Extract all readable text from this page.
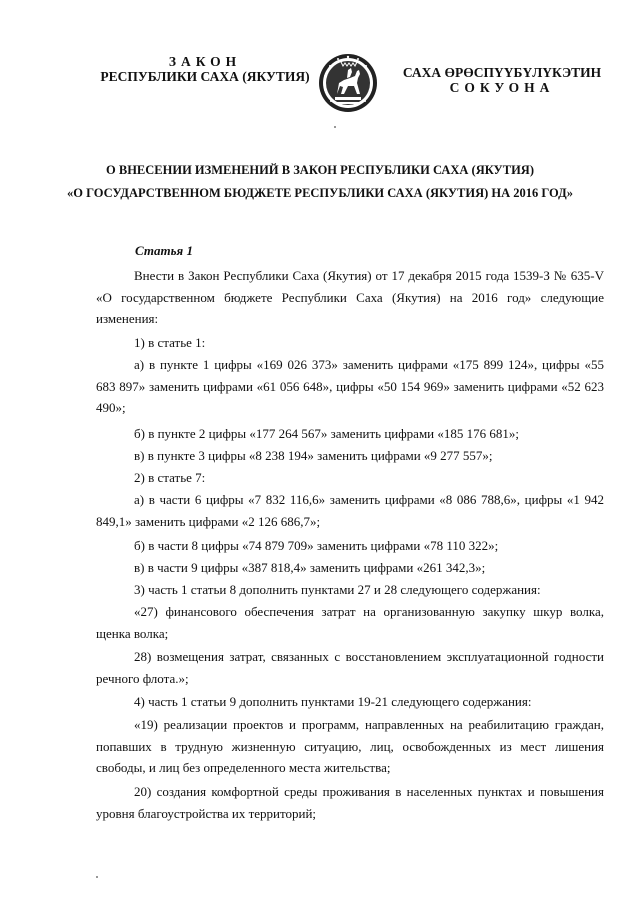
ЗАКОН
РЕСПУБЛИКИ САХА (ЯКУТИЯ)	САХА ӨРӨСПYYБYЛYКЭТИН
СОКУОНА
О ВНЕСЕНИИ ИЗМЕНЕНИЙ В ЗАКОН РЕСПУБЛИКИ САХА (ЯКУТИЯ)
«О ГОСУДАРСТВЕННОМ БЮДЖЕТЕ РЕСПУБЛИКИ САХА (ЯКУТИЯ) НА 2016 ГОД»
Статья 1
Внести в Закон Республики Саха (Якутия) от 17 декабря 2015 года 1539-З № 635-V «О государственном бюджете Республики Саха (Якутия) на 2016 год» следующие изменения:
1) в статье 1:
а) в пункте 1 цифры «169 026 373» заменить цифрами «175 899 124», цифры «55 683 897» заменить цифрами «61 056 648», цифры «50 154 969» заменить цифрами «52 623 490»;
б) в пункте 2 цифры «177 264 567» заменить цифрами «185 176 681»;
в) в пункте 3 цифры «8 238 194» заменить цифрами «9 277 557»;
2) в статье 7:
а) в части 6 цифры «7 832 116,6» заменить цифрами «8 086 788,6», цифры «1 942 849,1» заменить цифрами «2 126 686,7»;
б) в части 8 цифры «74 879 709» заменить цифрами «78 110 322»;
в) в части 9 цифры «387 818,4» заменить цифрами «261 342,3»;
3) часть 1 статьи 8 дополнить пунктами 27 и 28 следующего содержания:
«27) финансового обеспечения затрат на организованную закупку шкур волка, щенка волка;
28) возмещения затрат, связанных с восстановлением эксплуатационной годности речного флота.»;
4) часть 1 статьи 9 дополнить пунктами 19-21 следующего содержания:
«19) реализации проектов и программ, направленных на реабилитацию граждан, попавших в трудную жизненную ситуацию, лиц, освобожденных из мест лишения свободы, и лиц без определенного места жительства;
20) создания комфортной среды проживания в населенных пунктах и повышения уровня благоустройства их территорий;
